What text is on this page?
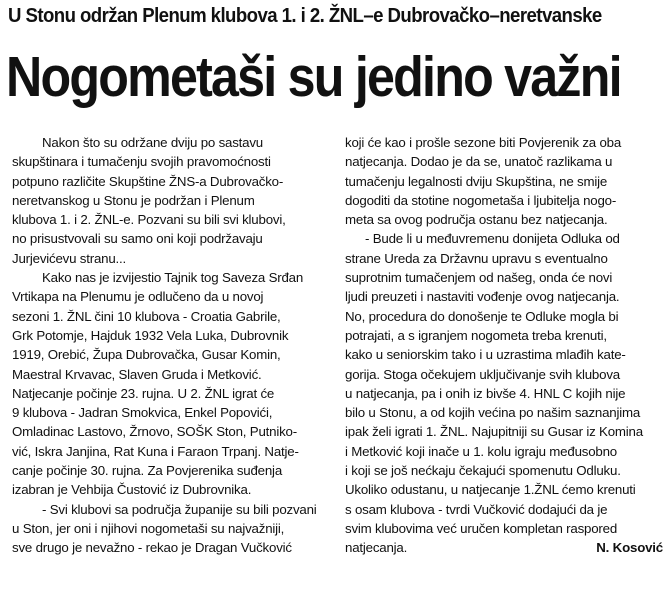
U Stonu održan Plenum klubova 1. i 2. ŽNL–e Dubrovačko–neretvanske
Nogometaši su jedino važni
Nakon što su održane dviju po sastavu
skupštinara i tumačenju svojih pravomoćnosti
potpuno različite Skupštine ŽNS-a Dubrovačko-
neretvanskog u Stonu je podržan i Plenum
klubova 1. i 2. ŽNL-e. Pozvani su bili svi klubovi,
no prisustvovali su samo oni koji podržavaju
Jurjevićevu stranu...
Kako nas je izvijestio Tajnik tog Saveza Srđan
Vrtikapa na Plenumu je odlučeno da u novoj
sezoni 1. ŽNL čini 10 klubova - Croatia Gabrile,
Grk Potomje, Hajduk 1932 Vela Luka, Dubrovnik
1919, Orebić, Župa Dubrovačka, Gusar Komin,
Maestral Krvavac, Slaven Gruda i Metković.
Natjecanje počinje 23. rujna. U 2. ŽNL igrat će
9 klubova - Jadran Smokvica, Enkel Popovići,
Omladinac Lastovo, Žrnovo, SOŠK Ston, Putniko-
vić, Iskra Janjina, Rat Kuna i Faraon Trpanj. Natje-
canje počinje 30. rujna. Za Povjerenika suđenja
izabran je Vehbija Čustović iz Dubrovnika.
- Svi klubovi sa područja županije su bili pozvani
u Ston, jer oni i njihovi nogometaši su najvažniji,
sve drugo je nevažno - rekao je Dragan Vučković
koji će kao i prošle sezone biti Povjerenik za oba
natjecanja. Dodao je da se, unatoč razlikama u
tumačenju legalnosti dviju Skupština, ne smije
dogoditi da stotine nogometaša i ljubitelja nogo-
meta sa ovog područja ostanu bez natjecanja.
- Bude li u međuvremenu donijeta Odluka od
strane Ureda za Državnu upravu s eventualno
suprotnim tumačenjem od našeg, onda će novi
ljudi preuzeti i nastaviti vođenje ovog natjecanja.
No, procedura do donošenje te Odluke mogla bi
potrajati, a s igranjem nogometa treba krenuti,
kako u seniorskim tako i u uzrastima mlađih kate-
gorija. Stoga očekujem uključivanje svih klubova
u natjecanja, pa i onih iz bivše 4. HNL C kojih nije
bilo u Stonu, a od kojih većina po našim saznanjima
ipak želi igrati 1. ŽNL. Najupitniji su Gusar iz Komina
i Metković koji inače u 1. kolu igraju međusobno
i koji se još nećkaju čekajući spomenutu Odluku.
Ukoliko odustanu, u natjecanje 1.ŽNL ćemo krenuti
s osam klubova - tvrdi Vučković dodajući da je
svim klubovima već uručen kompletan raspored
natjecanja.	N. Kosović
